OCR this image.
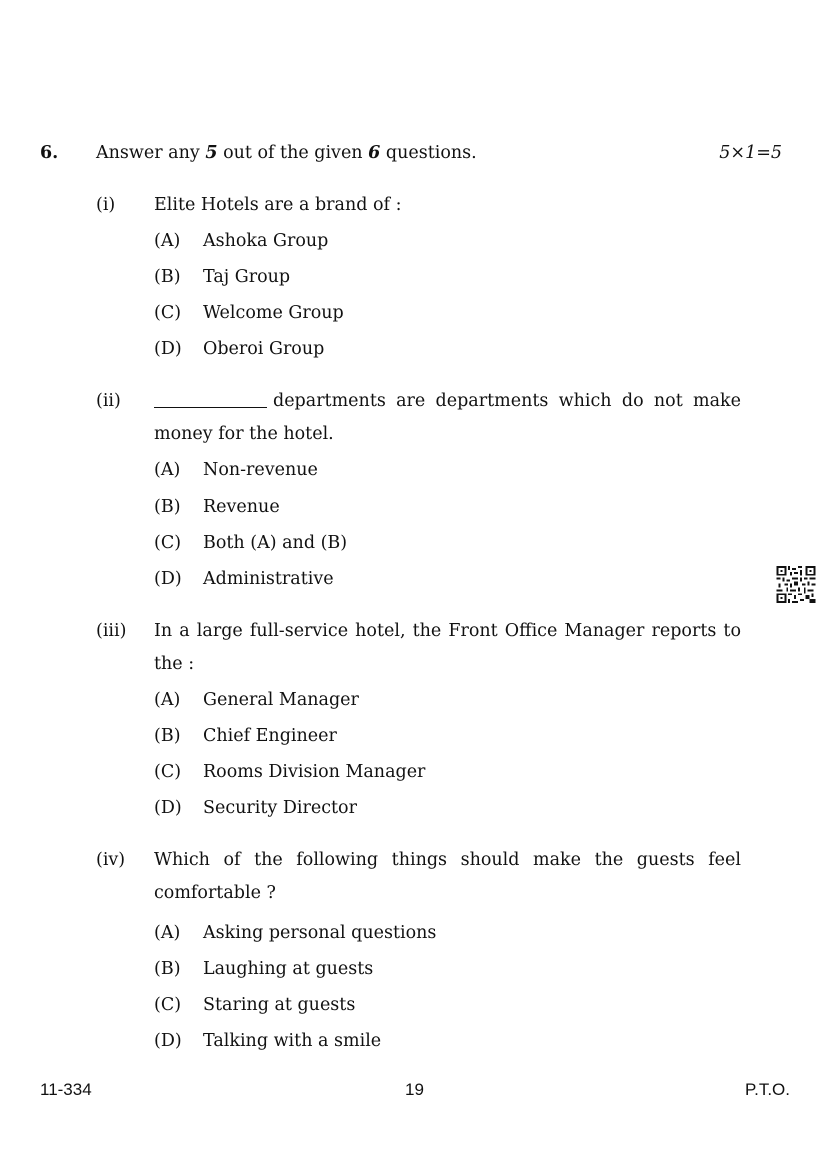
6. Answer any 5 out of the given 6 questions.	5×1=5
(i) Elite Hotels are a brand of :
(A) Ashoka Group
(B) Taj Group
(C) Welcome Group
(D) Oberoi Group
(ii)	departments are departments which do not make
money for the hotel.
(A) Non-revenue
(B) Revenue
(C) Both (A) and (B)
(D) Administrative
(iii) In a large full-service hotel, the Front Office Manager reports to
the :
(A) General Manager
(B) Chief Engineer
(C) Rooms Division Manager
(D) Security Director
(iv) Which of the following things should make the guests feel
comfortable ?
(A) Asking personal questions
(B) Laughing at guests
(C) Staring at guests
(D) Talking with a smile
11-334	19	P.T.O.
